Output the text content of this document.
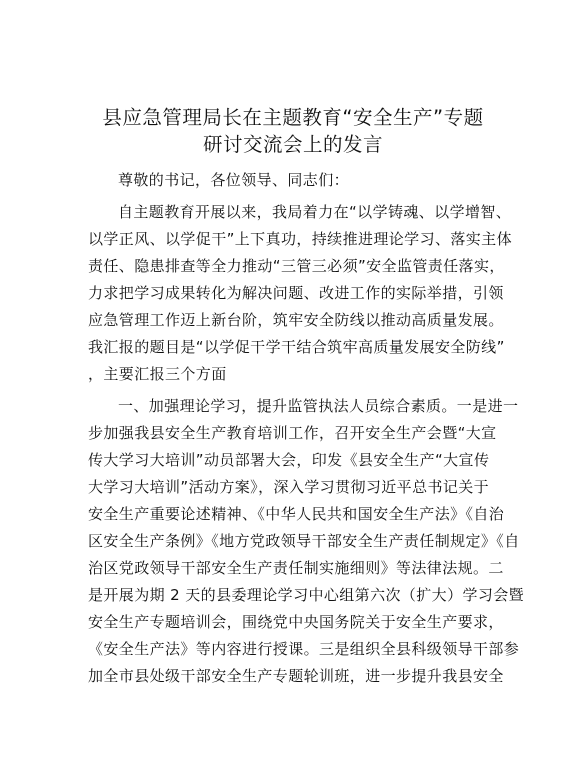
县应急管理局长在主题教育“安全生产”专题
研讨交流会上的发言
尊敬的书记，各位领导、同志们：
自主题教育开展以来，我局着力在“以学铸魂、以学增智、
以学正风、以学促干”上下真功，持续推进理论学习、落实主体
责任、隐患排查等全力推动“三管三必须”安全监管责任落实，
力求把学习成果转化为解决问题、改进工作的实际举措，引领
应急管理工作迈上新台阶，筑牢安全防线以推动高质量发展。
我汇报的题目是“以学促干学干结合筑牢高质量发展安全防线”
，主要汇报三个方面
一、加强理论学习，提升监管执法人员综合素质。一是进一
步加强我县安全生产教育培训工作，召开安全生产会暨“大宣
传大学习大培训”动员部署大会，印发《县安全生产“大宣传
大学习大培训”活动方案》，深入学习贯彻习近平总书记关于
安全生产重要论述精神、《中华人民共和国安全生产法》《自治
区安全生产条例》《地方党政领导干部安全生产责任制规定》《自
治区党政领导干部安全生产责任制实施细则》等法律法规。二
是开展为期 2 天的县委理论学习中心组第六次（扩大）学习会暨
安全生产专题培训会，围绕党中央国务院关于安全生产要求，
《安全生产法》等内容进行授课。三是组织全县科级领导干部参
加全市县处级干部安全生产专题轮训班，进一步提升我县安全
